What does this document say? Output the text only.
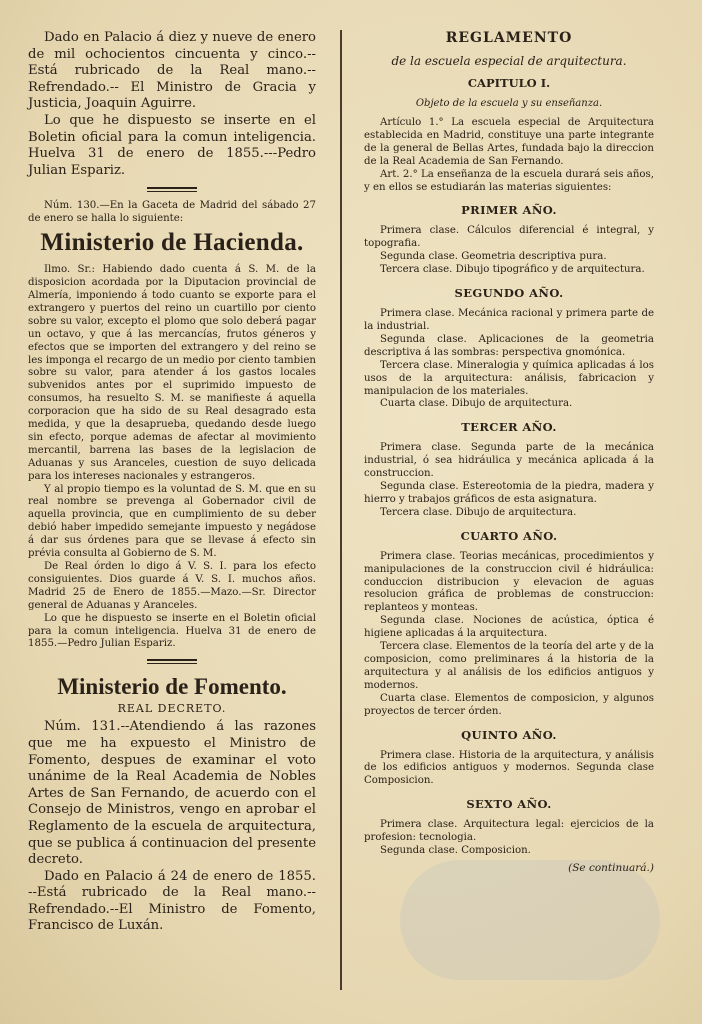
Dado en Palacio á diez y nueve de enero de mil ochocientos cincuenta y cinco.--Está rubricado de la Real mano.--Refrendado.-- El Ministro de Gracia y Justicia, Joaquin Aguirre.

Lo que he dispuesto se inserte en el Boletin oficial para la comun inteligencia. Huelva 31 de enero de 1855.---Pedro Julian Espariz.

Núm. 130.—En la Gaceta de Madrid del sábado 27 de enero se halla lo siguiente:

Ministerio de Hacienda.

Ilmo. Sr.: Habiendo dado cuenta á S. M. de la disposicion acordada por la Diputacion provincial de Almería, imponiendo á todo cuanto se exporte para el extrangero y puertos del reino un cuartillo por ciento sobre su valor, excepto el plomo que solo deberá pagar un octavo, y que á las mercancías, frutos géneros y efectos que se importen del extrangero y del reino se les imponga el recargo de un medio por ciento tambien sobre su valor, para atender á los gastos locales subvenidos antes por el suprimido impuesto de consumos, ha resuelto S. M. se manifieste á aquella corporacion que ha sido de su Real desagrado esta medida, y que la desaprueba, quedando desde luego sin efecto, porque ademas de afectar al movimiento mercantil, barrena las bases de la legislacion de Aduanas y sus Aranceles, cuestion de suyo delicada para los intereses nacionales y estrangeros.

Y al propio tiempo es la voluntad de S. M. que en su real nombre se prevenga al Gobernador civil de aquella provincia, que en cumplimiento de su deber debió haber impedido semejante impuesto y negádose á dar sus órdenes para que se llevase á efecto sin prévia consulta al Gobierno de S. M.

De Real órden lo digo á V. S. I. para los efecto consiguientes. Dios guarde á V. S. I. muchos años. Madrid 25 de Enero de 1855.—Mazo.—Sr. Director general de Aduanas y Aranceles.

Lo que he dispuesto se inserte en el Boletin oficial para la comun inteligencia. Huelva 31 de enero de 1855.—Pedro Julian Espariz.

Ministerio de Fomento.
REAL DECRETO.

Núm. 131.--Atendiendo á las razones que me ha expuesto el Ministro de Fomento, despues de examinar el voto unánime de la Real Academia de Nobles Artes de San Fernando, de acuerdo con el Consejo de Ministros, vengo en aprobar el Reglamento de la escuela de arquitectura, que se publica á continuacion del presente decreto.

Dado en Palacio á 24 de enero de 1855. --Está rubricado de la Real mano.-- Refrendado.--El Ministro de Fomento, Francisco de Luxán.

REGLAMENTO
de la escuela especial de arquitectura.
CAPITULO I.
Objeto de la escuela y su enseñanza.

Artículo 1.° La escuela especial de Arquitectura establecida en Madrid, constituye una parte integrante de la general de Bellas Artes, fundada bajo la direccion de la Real Academia de San Fernando.

Art. 2.° La enseñanza de la escuela durará seis años, y en ellos se estudiarán las materias siguientes:

PRIMER AÑO.

Primera clase. Cálculos diferencial é integral, y topografia.

Segunda clase. Geometria descriptiva pura.

Tercera clase. Dibujo tipográfico y de arquitectura.

SEGUNDO AÑO.

Primera clase. Mecánica racional y primera parte de la industrial.

Segunda clase. Aplicaciones de la geometria descriptiva á las sombras: perspectiva gnomónica.

Tercera clase. Mineralogia y química aplicadas á los usos de la arquitectura: análisis, fabricacion y manipulacion de los materiales.

Cuarta clase. Dibujo de arquitectura.

TERCER AÑO.

Primera clase. Segunda parte de la mecánica industrial, ó sea hidráulica y mecánica aplicada á la construccion.

Segunda clase. Estereotomia de la piedra, madera y hierro y trabajos gráficos de esta asignatura.

Tercera clase. Dibujo de arquitectura.

CUARTO AÑO.

Primera clase. Teorias mecánicas, procedimientos y manipulaciones de la construccion civil é hidráulica: conduccion distribucion y elevacion de aguas resolucion gráfica de problemas de construccion: replanteos y monteas.

Segunda clase. Nociones de acústica, óptica é higiene aplicadas á la arquitectura.

Tercera clase. Elementos de la teoría del arte y de la composicion, como preliminares á la historia de la arquitectura y al análisis de los edificios antiguos y modernos.

Cuarta clase. Elementos de composicion, y algunos proyectos de tercer órden.

QUINTO AÑO.

Primera clase. Historia de la arquitectura, y análisis de los edificios antiguos y modernos. Segunda clase Composicion.

SEXTO AÑO.

Primera clase. Arquitectura legal: ejercicios de la profesion: tecnologia.

Segunda clase. Composicion.

(Se continuará.)
